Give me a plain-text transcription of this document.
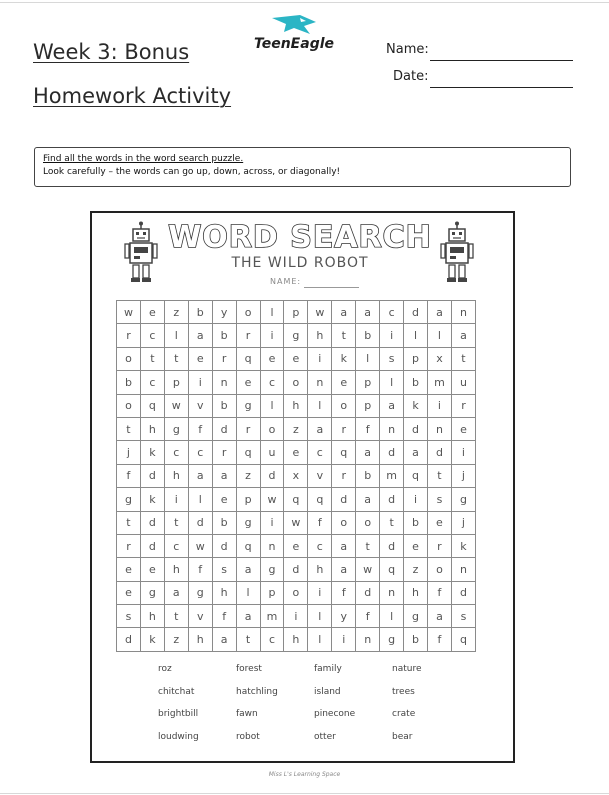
Week 3: Bonus
Homework Activity
TeenEagle	Name:
Date:
Find all the words in the word search puzzle.
Look carefully – the words can go up, down, across, or diagonally!
WORD SEARCH
THE WILD ROBOT
NAME:
w	e	z	b	y	o	l	p	w	a	a	c	d	a	n
r	c	l	a	b	r	i	g	h	t	b	i	l	l	a
o	t	t	e	r	q	e	e	i	k	l	s	p	x	t
b	c	p	i	n	e	c	o	n	e	p	l	b	m	u
o	q	w	v	b	g	l	h	l	o	p	a	k	i	r
t	h	g	f	d	r	o	z	a	r	f	n	d	n	e
j	k	c	c	r	q	u	e	c	q	a	d	a	d	i
f	d	h	a	a	z	d	x	v	r	b	m	q	t	j
g	k	i	l	e	p	w	q	q	d	a	d	i	s	g
t	d	t	d	b	g	i	w	f	o	o	t	b	e	j
r	d	c	w	d	q	n	e	c	a	t	d	e	r	k
e	e	h	f	s	a	g	d	h	a	w	q	z	o	n
e	g	a	g	h	l	p	o	i	f	d	n	h	f	d
s	h	t	v	f	a	m	i	l	y	f	l	g	a	s
d	k	z	h	a	t	c	h	l	i	n	g	b	f	q
roz	forest	family	nature
chitchat	hatchling	island	trees
brightbill	fawn	pinecone	crate
loudwing	robot	otter	bear
Miss L's Learning Space
